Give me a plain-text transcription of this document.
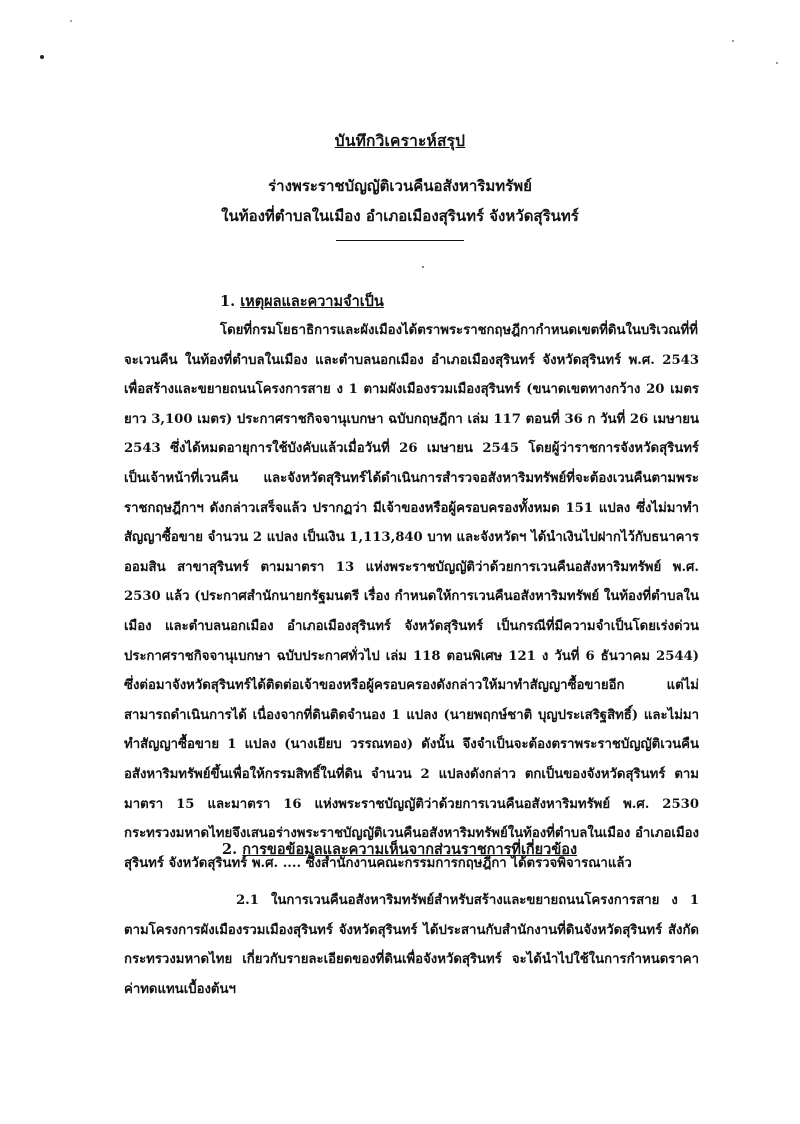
บันทึกวิเคราะห์สรุป
ร่างพระราชบัญญัติเวนคืนอสังหาริมทรัพย์
ในท้องที่ตำบลในเมือง อำเภอเมืองสุรินทร์ จังหวัดสุรินทร์
1. เหตุผลและความจำเป็น

โดยที่กรมโยธาธิการและผังเมืองได้ตราพระราชกฤษฎีกากำหนดเขตที่ดินในบริเวณที่ที่จะเวนคืน ในท้องที่ตำบลในเมือง และตำบลนอกเมือง อำเภอเมืองสุรินทร์ จังหวัดสุรินทร์ พ.ศ. 2543 เพื่อสร้างและขยายถนนโครงการสาย ง 1 ตามผังเมืองรวมเมืองสุรินทร์ (ขนาดเขตทางกว้าง 20 เมตร ยาว 3,100 เมตร) ประกาศราชกิจจานุเบกษา ฉบับกฤษฎีกา เล่ม 117 ตอนที่ 36 ก วันที่ 26 เมษายน 2543 ซึ่งได้หมดอายุการใช้บังคับแล้วเมื่อวันที่ 26 เมษายน 2545 โดยผู้ว่าราชการจังหวัดสุรินทร์ เป็นเจ้าหน้าที่เวนคืน และจังหวัดสุรินทร์ได้ดำเนินการสำรวจอสังหาริมทรัพย์ที่จะต้องเวนคืนตามพระราชกฤษฎีกาฯ ดังกล่าวเสร็จแล้ว ปรากฏว่า มีเจ้าของหรือผู้ครอบครองทั้งหมด 151 แปลง ซึ่งไม่มาทำสัญญาซื้อขาย จำนวน 2 แปลง เป็นเงิน 1,113,840 บาท และจังหวัดฯ ได้นำเงินไปฝากไว้กับธนาคารออมสิน สาขาสุรินทร์ ตามมาตรา 13 แห่งพระราชบัญญัติว่าด้วยการเวนคืนอสังหาริมทรัพย์ พ.ศ. 2530 แล้ว (ประกาศสำนักนายกรัฐมนตรี เรื่อง กำหนดให้การเวนคืนอสังหาริมทรัพย์ ในท้องที่ตำบลในเมือง และตำบลนอกเมือง อำเภอเมืองสุรินทร์ จังหวัดสุรินทร์ เป็นกรณีที่มีความจำเป็นโดยเร่งด่วน ประกาศราชกิจจานุเบกษา ฉบับประกาศทั่วไป เล่ม 118 ตอนพิเศษ 121 ง วันที่ 6 ธันวาคม 2544) ซึ่งต่อมาจังหวัดสุรินทร์ได้ติดต่อเจ้าของหรือผู้ครอบครองดังกล่าวให้มาทำสัญญาซื้อขายอีก แต่ไม่สามารถดำเนินการได้ เนื่องจากที่ดินติดจำนอง 1 แปลง (นายพฤกษ์ชาติ บุญประเสริฐสิทธิ์) และไม่มาทำสัญญาซื้อขาย 1 แปลง (นางเยียบ วรรณทอง) ดังนั้น จึงจำเป็นจะต้องตราพระราชบัญญัติเวนคืนอสังหาริมทรัพย์ขึ้นเพื่อให้กรรมสิทธิ์ในที่ดิน จำนวน 2 แปลงดังกล่าว ตกเป็นของจังหวัดสุรินทร์ ตามมาตรา 15 และมาตรา 16 แห่งพระราชบัญญัติว่าด้วยการเวนคืนอสังหาริมทรัพย์ พ.ศ. 2530 กระทรวงมหาดไทยจึงเสนอร่างพระราชบัญญัติเวนคืนอสังหาริมทรัพย์ในท้องที่ตำบลในเมือง อำเภอเมืองสุรินทร์ จังหวัดสุรินทร์ พ.ศ. .... ซึ่งสำนักงานคณะกรรมการกฤษฎีกา ได้ตรวจพิจารณาแล้ว

2. การขอข้อมูลและความเห็นจากส่วนราชการที่เกี่ยวข้อง

2.1 ในการเวนคืนอสังหาริมทรัพย์สำหรับสร้างและขยายถนนโครงการสาย ง 1 ตามโครงการผังเมืองรวมเมืองสุรินทร์ จังหวัดสุรินทร์ ได้ประสานกับสำนักงานที่ดินจังหวัดสุรินทร์ สังกัดกระทรวงมหาดไทย เกี่ยวกับรายละเอียดของที่ดินเพื่อจังหวัดสุรินทร์ จะได้นำไปใช้ในการกำหนดราคาค่าทดแทนเบื้องต้นฯ
